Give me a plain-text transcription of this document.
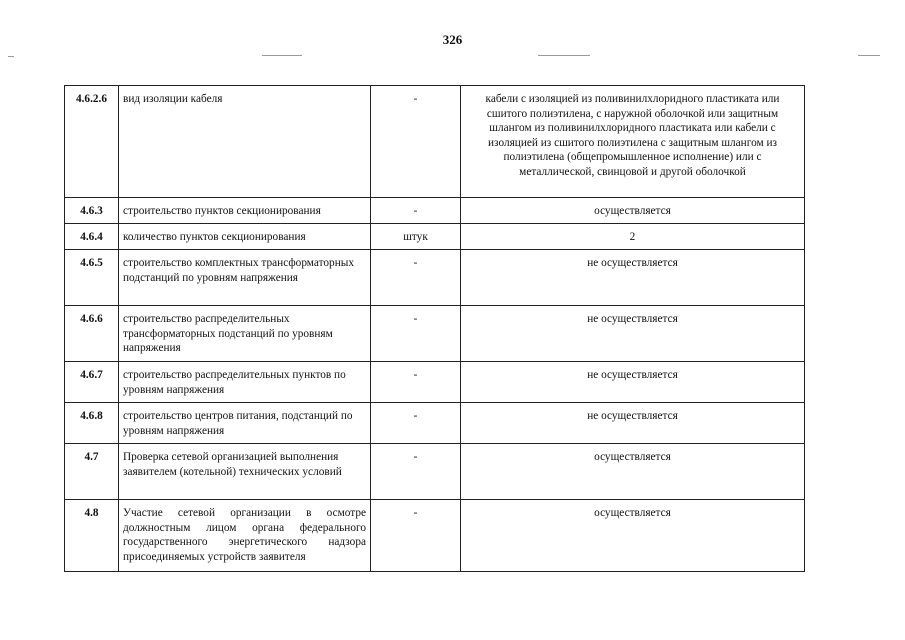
326
4.6.2.6	вид изоляции кабеля	-	кабели с изоляцией из поливинилхлоридного пластиката или сшитого полиэтилена, с наружной оболочкой или защитным шлангом из поливинилхлоридного пластиката или кабели с изоляцией из сшитого полиэтилена с защитным шлангом из полиэтилена (общепромышленное исполнение) или с металлической, свинцовой и другой оболочкой
4.6.3	строительство пунктов секционирования	-	осуществляется
4.6.4	количество пунктов секционирования	штук	2
4.6.5	строительство комплектных трансформаторных подстанций по уровням напряжения	-	не осуществляется
4.6.6	строительство распределительных трансформаторных подстанций по уровням напряжения	-	не осуществляется
4.6.7	строительство распределительных пунктов по уровням напряжения	-	не осуществляется
4.6.8	строительство центров питания, подстанций по уровням напряжения	-	не осуществляется
4.7	Проверка сетевой организацией выполнения заявителем (котельной) технических условий	-	осуществляется
4.8	Участие сетевой организации в осмотре должностным лицом органа федерального государственного энергетического надзора присоединяемых устройств заявителя	-	осуществляется
